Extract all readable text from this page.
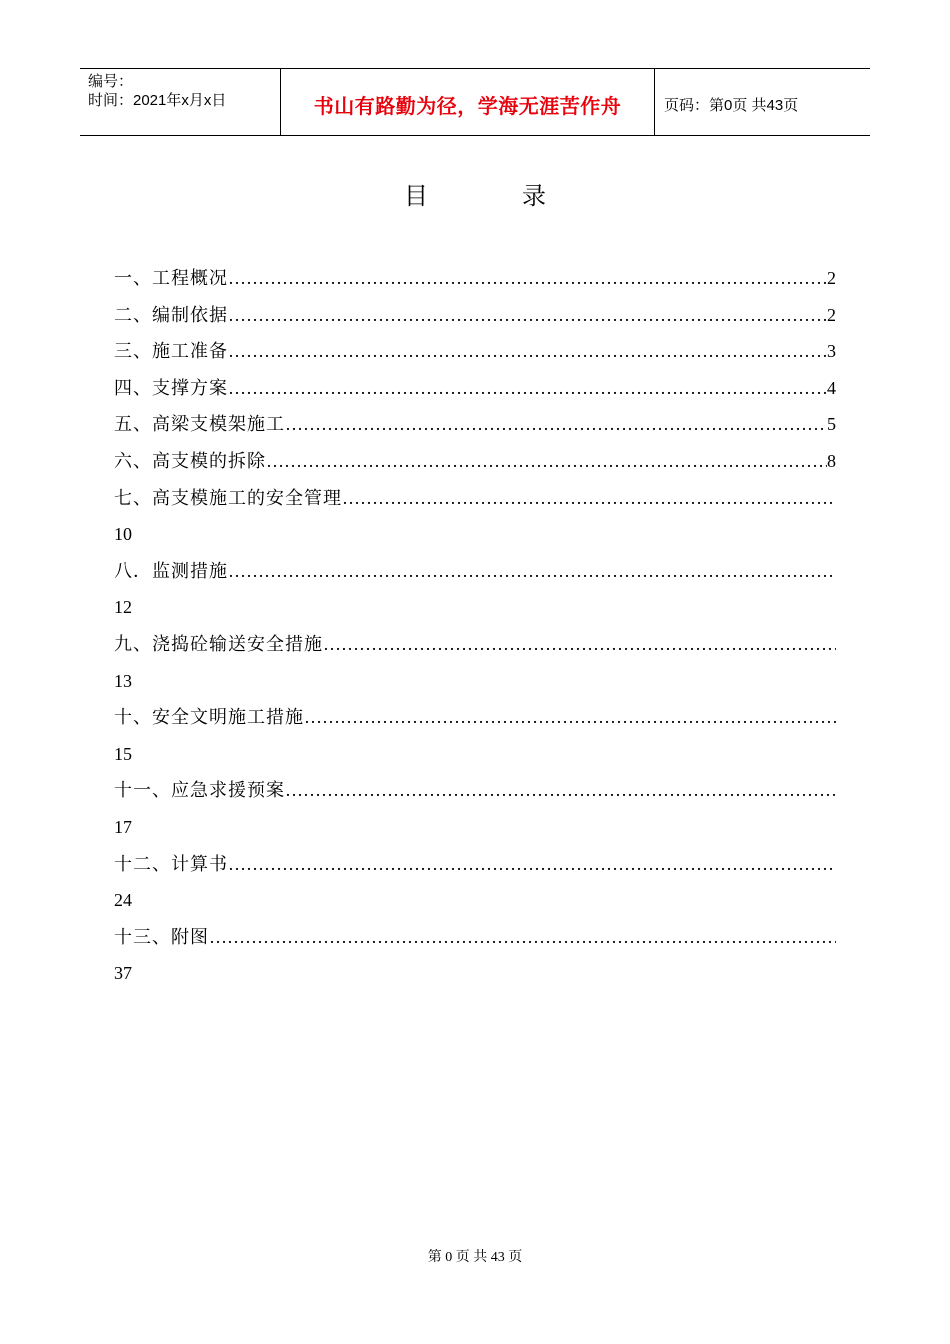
编号：
时间：2021年x月x日	书山有路勤为径，学海无涯苦作舟	页码：第0页 共43页
目	录
一、工程概况 ………………………………………………………………………………………………………………………………………………………………………………………………	2
二、编制依据 ………………………………………………………………………………………………………………………………………………………………………………………………	2
三、施工准备 ………………………………………………………………………………………………………………………………………………………………………………………………	3
四、支撑方案 ………………………………………………………………………………………………………………………………………………………………………………………………	4
五、高梁支模架施工 ………………………………………………………………………………………………………………………………………………………………………………………………	5
六、高支模的拆除 ………………………………………………………………………………………………………………………………………………………………………………………………	8
七、高支模施工的安全管理
………………………………………………………………………………………………………………………………………………………………………………………………
10
八．监测措施
………………………………………………………………………………………………………………………………………………………………………………………………
12
九、浇捣砼输送安全措施
………………………………………………………………………………………………………………………………………………………………………………………………
13
十、安全文明施工措施
………………………………………………………………………………………………………………………………………………………………………………………………
15
十一、应急求援预案
………………………………………………………………………………………………………………………………………………………………………………………………
17
十二、计算书
………………………………………………………………………………………………………………………………………………………………………………………………
24
十三、附图
………………………………………………………………………………………………………………………………………………………………………………………………
37
第 0 页 共 43 页
